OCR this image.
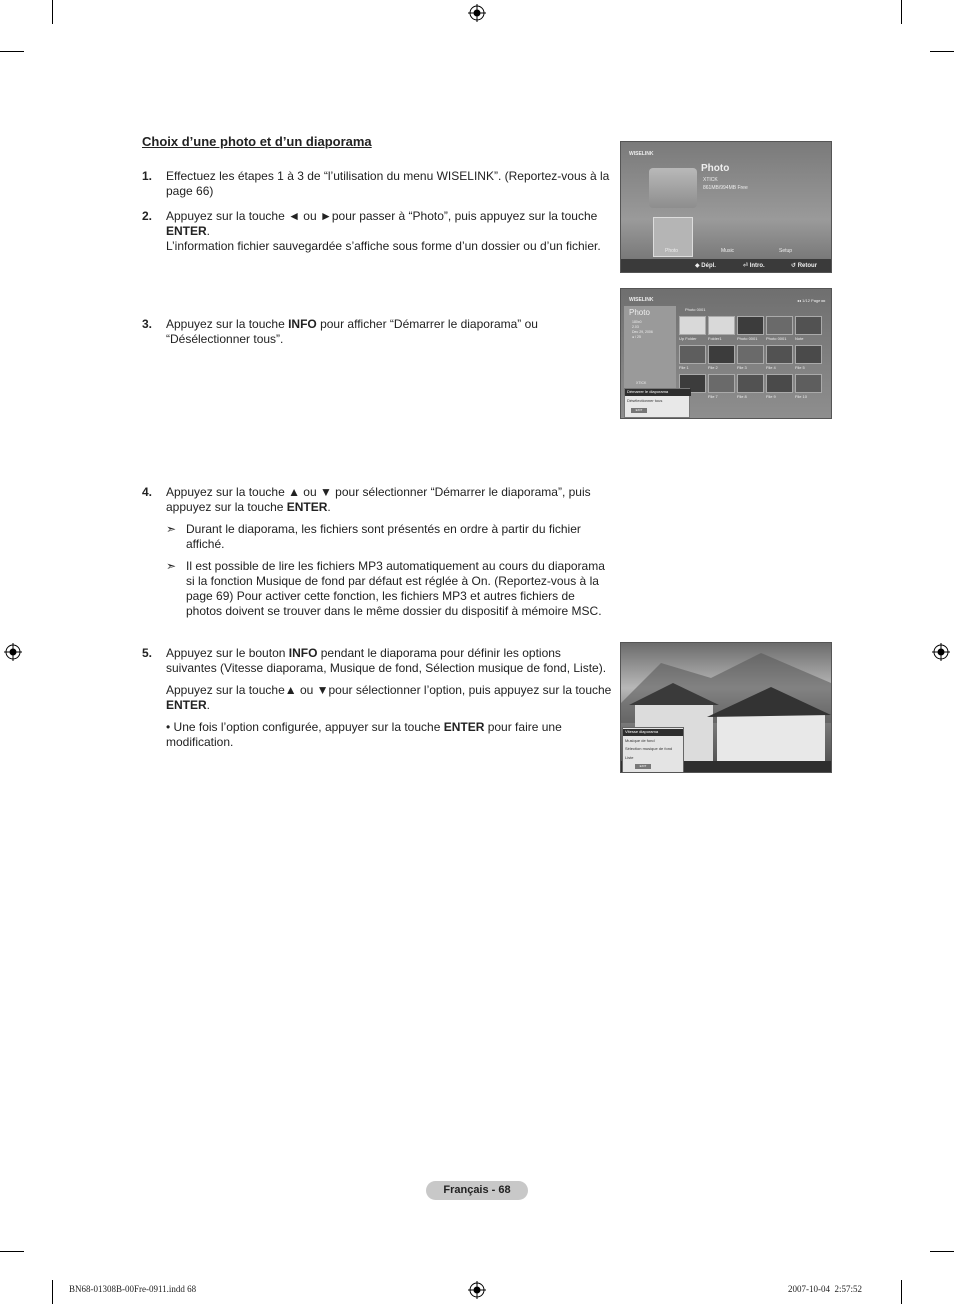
Choix d’une photo et d’un diaporama
1. Effectuez les étapes 1 à 3 de “l’utilisation du menu WISELINK”. (Reportez-vous à la page 66)

2. Appuyez sur la touche ◄ ou ►pour passer à “Photo”, puis appuyez sur la touche ENTER.

L’information fichier sauvegardée s’affiche sous forme d’un dossier ou d’un fichier.

3. Appuyez sur la touche INFO pour afficher “Démarrer le diaporama” ou “Désélectionner tous”.

4. Appuyez sur la touche ▲ ou ▼ pour sélectionner “Démarrer le diaporama”, puis appuyez sur la touche ENTER.

➣ Durant le diaporama, les fichiers sont présentés en ordre à partir du fichier affiché.
➣ Il est possible de lire les fichiers MP3 automatiquement au cours du diaporama si la fonction Musique de fond par défaut est réglée à On. (Reportez-vous à la page 69) Pour activer cette fonction, les fichiers MP3 et autres fichiers de photos doivent se trouver dans le même dossier du dispositif à mémoire MSC.
5. Appuyez sur le bouton INFO pendant le diaporama pour définir les options suivantes (Vitesse diaporama, Musique de fond, Sélection musique de fond, Liste).

Appuyez sur la touche▲ ou ▼pour sélectionner l’option, puis appuyez sur la touche ENTER.

• Une fois l’option configurée, appuyer sur la touche ENTER pour faire une modification.

WISELINK
Photo
XTICK
861MB/994MB Free
Photo	Music	Setup
◆ Dépl.	⏎ Intro.	↺ Retour
WISELINK	◂◂ 1/12 Page ▸▸
Photo
180x0
2.03
Dec 29, 2006
● / 25
XTICK
Photo 0001
Up Folder	Folder1	Photo 0001	Photo 0001	Note
File 1	File 2	File 3	File 4	File 5
File 7	File 8	File 9	File 10
Démarrer le diaporama
Désélectionner tous
EXIT
Vitesse diaporama
Musique de fond
Sélection musique de fond
Liste
EXIT
Français - 68
BN68-01308B-00Fre-0911.indd 68	2007-10-04 ﻿﻿ 2:57:52
